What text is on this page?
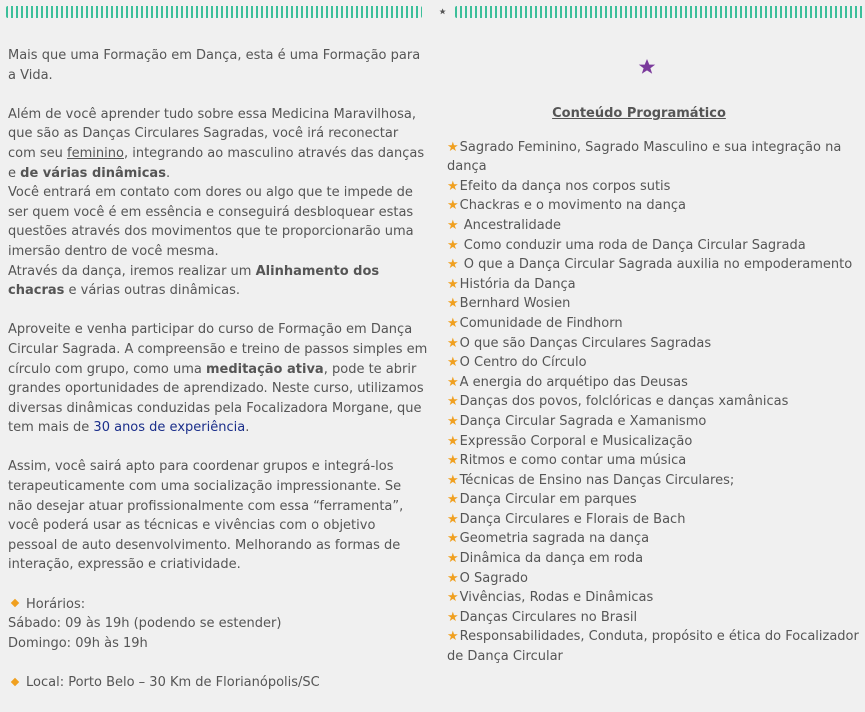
Mais que uma Formação em Dança, esta é uma Formação para a Vida.

Além de você aprender tudo sobre essa Medicina Maravilhosa, que são as Danças Circulares Sagradas, você irá reconectar com seu feminino, integrando ao masculino através das danças e de várias dinâmicas.
Você entrará em contato com dores ou algo que te impede de ser quem você é em essência e conseguirá desbloquear estas questões através dos movimentos que te proporcionarão uma imersão dentro de você mesma.
Através da dança, iremos realizar um Alinhamento dos chacras e várias outras dinâmicas.

Aproveite e venha participar do curso de Formação em Dança Circular Sagrada. A compreensão e treino de passos simples em círculo com grupo, como uma meditação ativa, pode te abrir grandes oportunidades de aprendizado. Neste curso, utilizamos diversas dinâmicas conduzidas pela Focalizadora Morgane, que tem mais de 30 anos de experiência.

Assim, você sairá apto para coordenar grupos e integrá-los terapeuticamente com uma socialização impressionante. Se não desejar atuar profissionalmente com essa “ferramenta”, você poderá usar as técnicas e vivências com o objetivo pessoal de auto desenvolvimento. Melhorando as formas de interação, expressão e criatividade.

Horários:
Sábado: 09 às 19h (podendo se estender)
Domingo: 09h às 19h

Local: Porto Belo – 30 Km de Florianópolis/SC

Conteúdo Programático
★Sagrado Feminino, Sagrado Masculino e sua integração na dança
★Efeito da dança nos corpos sutis
★Chackras e o movimento na dança
★ Ancestralidade
★ Como conduzir uma roda de Dança Circular Sagrada
★ O que a Dança Circular Sagrada auxilia no empoderamento
★História da Dança
★Bernhard Wosien
★Comunidade de Findhorn
★O que são Danças Circulares Sagradas
★O Centro do Círculo
★A energia do arquétipo das Deusas
★Danças dos povos, folclóricas e danças xamânicas
★Dança Circular Sagrada e Xamanismo
★Expressão Corporal e Musicalização
★Ritmos e como contar uma música
★Técnicas de Ensino nas Danças Circulares;
★Dança Circular em parques
★Dança Circulares e Florais de Bach
★Geometria sagrada na dança
★Dinâmica da dança em roda
★O Sagrado
★Vivências, Rodas e Dinâmicas
★Danças Circulares no Brasil
★Responsabilidades, Conduta, propósito e ética do Focalizador de Dança Circular
